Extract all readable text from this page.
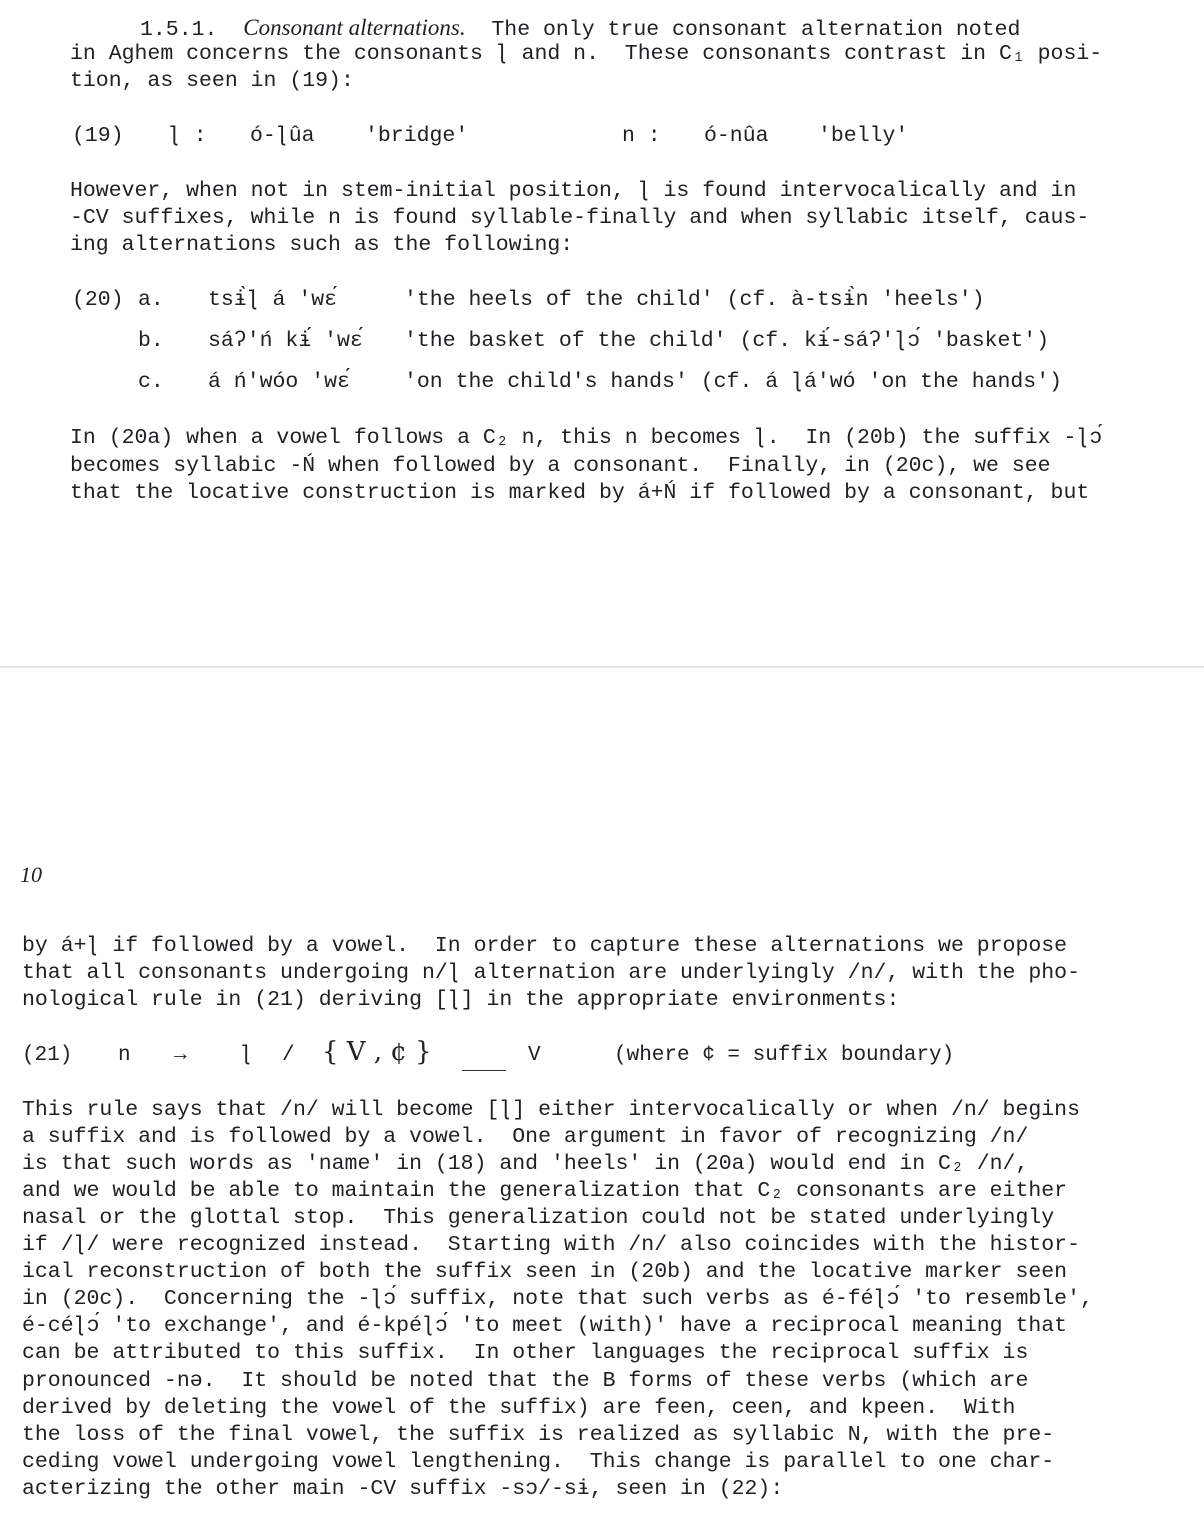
1.5.1. Consonant alternations. The only true consonant alternation noted
in Aghem concerns the consonants ɭ and n.  These consonants contrast in C₁ posi-
tion, as seen in (19):
(19) ɭ : ó-ɭûa 'bridge'	n : ó-nûa 'belly'
However, when not in stem-initial position, ɭ is found intervocalically and in
-CV suffixes, while n is found syllable-finally and when syllabic itself, caus-
ing alternations such as the following:
(20) a. tsɨ̀ɭ á 'wɛ́	'the heels of the child' (cf. à-tsɨ̀n 'heels')
b. sáʔ'ń kɨ́ 'wɛ́ 'the basket of the child' (cf. kɨ́-sáʔ'ɭɔ́ 'basket')
c. á ń'wóo 'wɛ́	'on the child's hands' (cf. á ɭá'wó 'on the hands')
In (20a) when a vowel follows a C₂ n, this n becomes ɭ.  In (20b) the suffix -ɭɔ́
becomes syllabic -Ń when followed by a consonant.  Finally, in (20c), we see
that the locative construction is marked by á+Ń if followed by a consonant, but
10
by á+ɭ if followed by a vowel.  In order to capture these alternations we propose
that all consonants undergoing n/ɭ alternation are underlyingly /n/, with the pho-
nological rule in (21) deriving [ɭ] in the appropriate environments:
(21) n →	ɭ / { V , ¢ }	V	(where ¢ = suffix boundary)
This rule says that /n/ will become [ɭ] either intervocalically or when /n/ begins
a suffix and is followed by a vowel.  One argument in favor of recognizing /n/
is that such words as 'name' in (18) and 'heels' in (20a) would end in C₂ /n/,
and we would be able to maintain the generalization that C₂ consonants are either
nasal or the glottal stop.  This generalization could not be stated underlyingly
if /ɭ/ were recognized instead.  Starting with /n/ also coincides with the histor-
ical reconstruction of both the suffix seen in (20b) and the locative marker seen
in (20c).  Concerning the -ɭɔ́ suffix, note that such verbs as é-féɭɔ́ 'to resemble',
é-céɭɔ́ 'to exchange', and é-kpéɭɔ́ 'to meet (with)' have a reciprocal meaning that
can be attributed to this suffix.  In other languages the reciprocal suffix is
pronounced -nə.  It should be noted that the B forms of these verbs (which are
derived by deleting the vowel of the suffix) are feen, ceen, and kpeen.  With
the loss of the final vowel, the suffix is realized as syllabic N, with the pre-
ceding vowel undergoing vowel lengthening.  This change is parallel to one char-
acterizing the other main -CV suffix -sɔ/-sɨ, seen in (22):
